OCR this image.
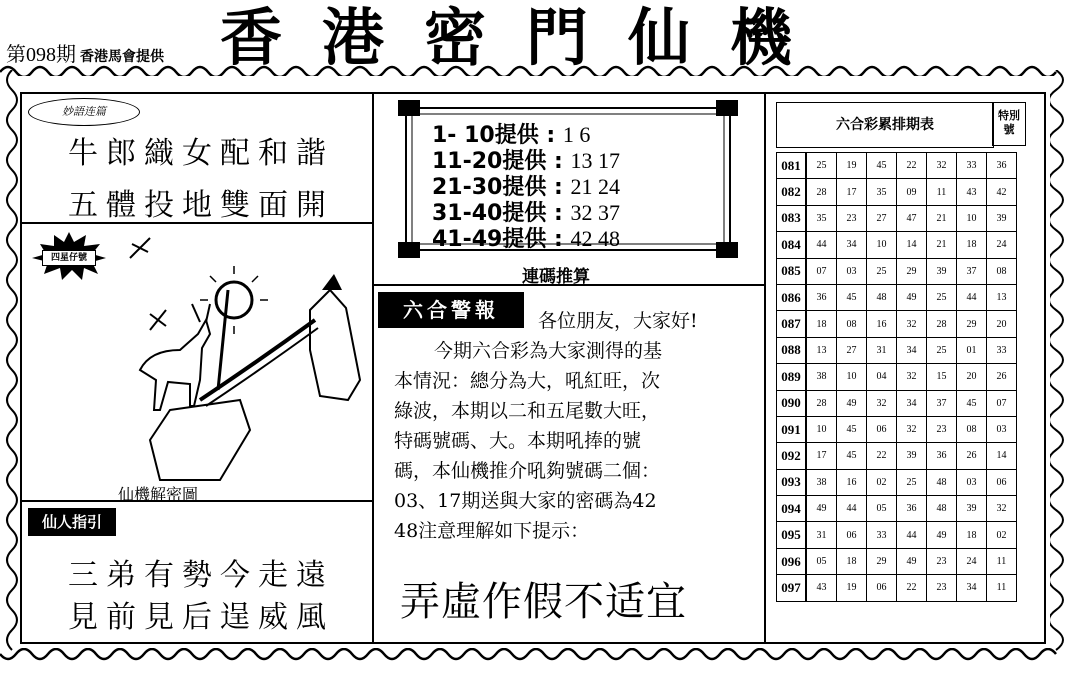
第098期 香港馬會提供 香港密門仙機
妙語连篇
牛郎織女配和諧
五體投地雙面開
四星仔號
仙機解密圖
仙人指引
三弟有勢今走遠
見前見后逞威風
1- 10提供 : 1 6
11-20提供 : 13 17
21-30提供 : 21 24
31-40提供 : 32 37
41-49提供 : 42 48
連碼推算
六合警報	各位朋友，大家好!
今期六合彩為大家測得的基
本情況：總分為大，吼紅旺，次
綠波，本期以二和五尾數大旺，
特碼號碼、大。本期吼捧的號
碼，本仙機推介吼夠號碼二個：
03、17期送與大家的密碼為42
48注意理解如下提示：
弄虛作假不适宜
六合彩累排期表
特別號
081	25	19	45	22	32	33	36
082	28	17	35	09	11	43	42
083	35	23	27	47	21	10	39
084	44	34	10	14	21	18	24
085	07	03	25	29	39	37	08
086	36	45	48	49	25	44	13
087	18	08	16	32	28	29	20
088	13	27	31	34	25	01	33
089	38	10	04	32	15	20	26
090	28	49	32	34	37	45	07
091	10	45	06	32	23	08	03
092	17	45	22	39	36	26	14
093	38	16	02	25	48	03	06
094	49	44	05	36	48	39	32
095	31	06	33	44	49	18	02
096	05	18	29	49	23	24	11
097	43	19	06	22	23	34	11
